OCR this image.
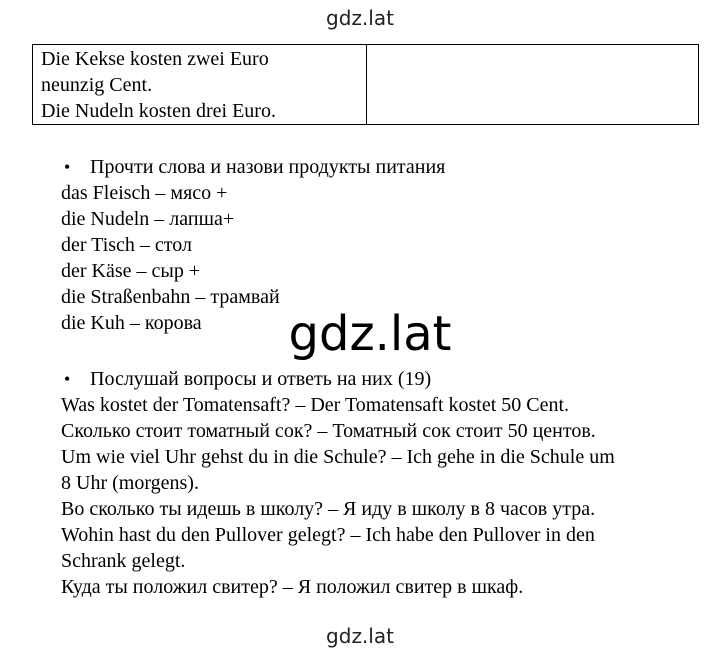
gdz.lat
Die Kekse kosten zwei Euro
neunzig Cent.
Die Nudeln kosten drei Euro.

• Прочти слова и назови продукты питания
das Fleisch – мясо +
die Nudeln – лапша+
der Tisch – стол
der Käse – сыр +
die Straßenbahn – трамвай
die Kuh – корова	gdz.lat
• Послушай вопросы и ответь на них (19)
Was kostet der Tomatensaft? – Der Tomatensaft kostet 50 Cent.
Сколько стоит томатный сок? – Томатный сок стоит 50 центов.
Um wie viel Uhr gehst du in die Schule? – Ich gehe in die Schule um
8 Uhr (morgens).
Во сколько ты идешь в школу? – Я иду в школу в 8 часов утра.
Wohin hast du den Pullover gelegt? – Ich habe den Pullover in den
Schrank gelegt.
Куда ты положил свитер? – Я положил свитер в шкаф.
gdz.lat
